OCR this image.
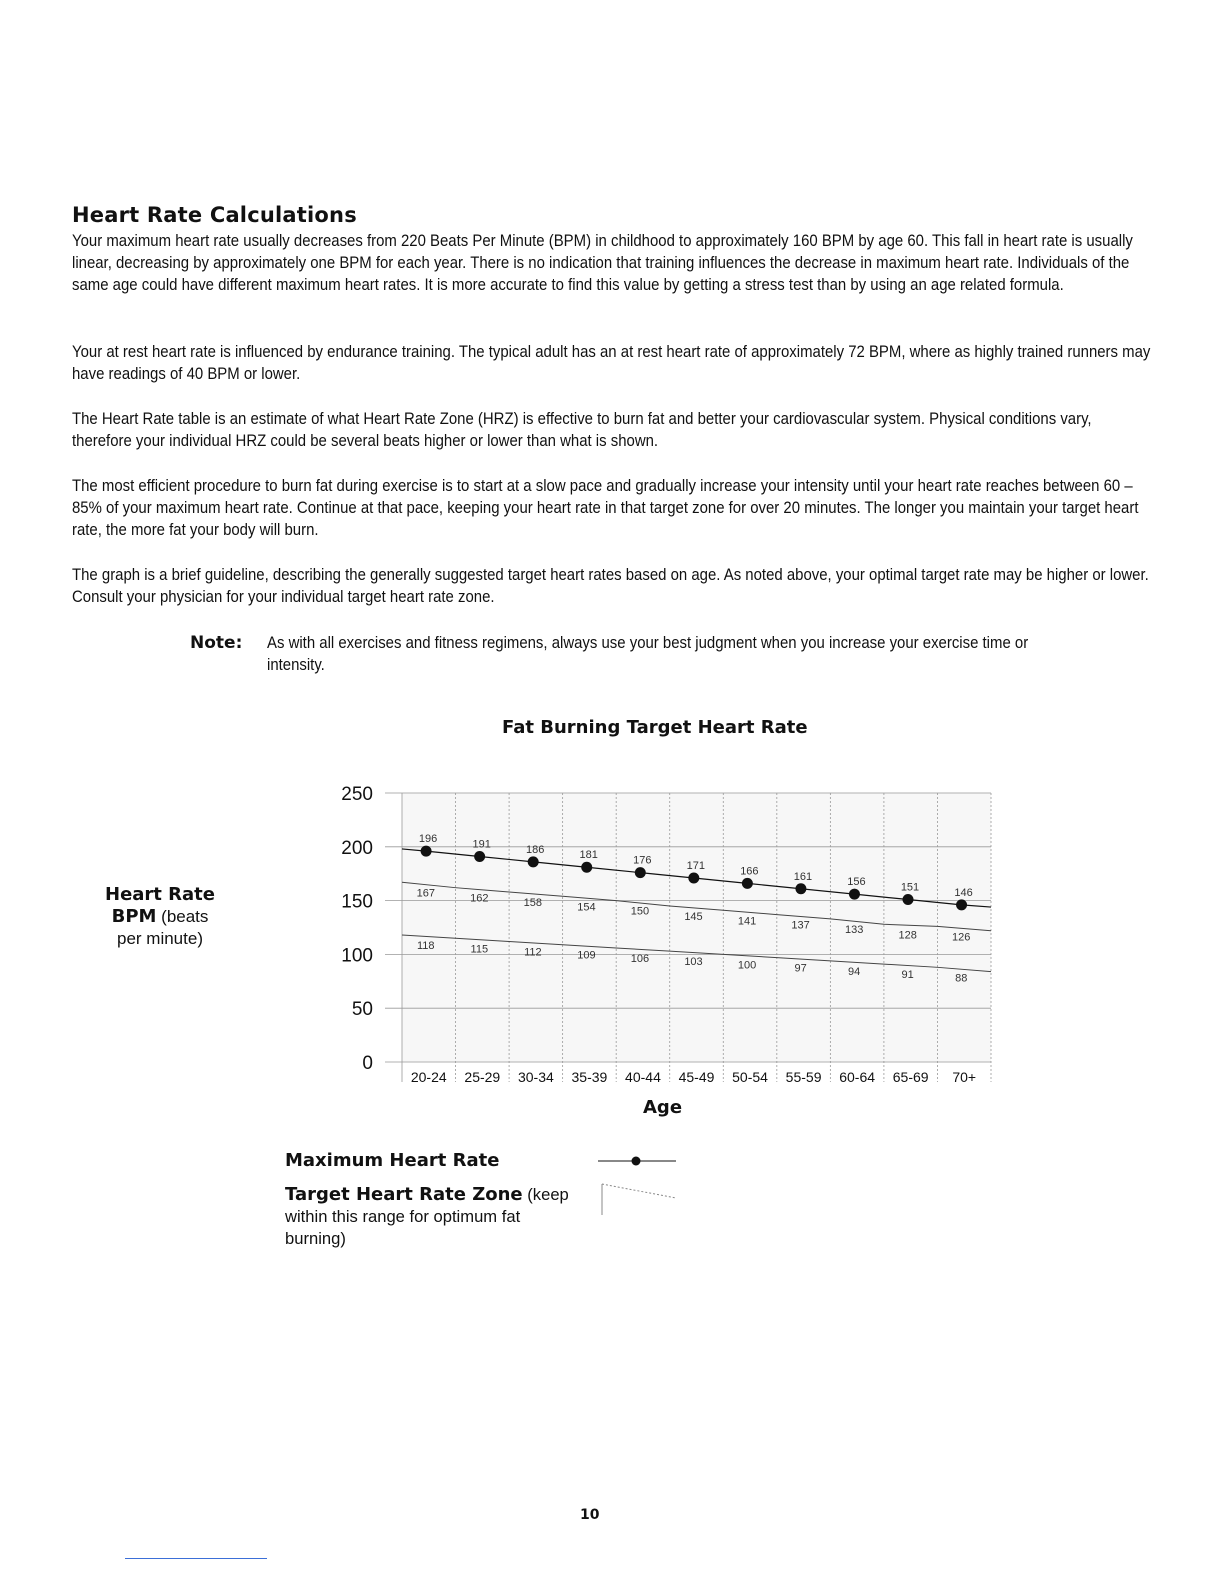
Heart Rate Calculations

Your maximum heart rate usually decreases from 220 Beats Per Minute (BPM) in childhood to approximately 160 BPM by age 60. This fall in heart rate is usually linear, decreasing by approximately one BPM for each year. There is no indication that training influences the decrease in maximum heart rate. Individuals of the same age could have different maximum heart rates. It is more accurate to find this value by getting a stress test than by using an age related formula.

Your at rest heart rate is influenced by endurance training. The typical adult has an at rest heart rate of approximately 72 BPM, where as highly trained runners may have readings of 40 BPM or lower.

The Heart Rate table is an estimate of what Heart Rate Zone (HRZ) is effective to burn fat and better your cardiovascular system. Physical conditions vary, therefore your individual HRZ could be several beats higher or lower than what is shown.

The most efficient procedure to burn fat during exercise is to start at a slow pace and gradually increase your intensity until your heart rate reaches between 60 – 85% of your maximum heart rate. Continue at that pace, keeping your heart rate in that target zone for over 20 minutes. The longer you maintain your target heart rate, the more fat your body will burn.

The graph is a brief guideline, describing the generally suggested target heart rates based on age. As noted above, your optimal target rate may be higher or lower. Consult your physician for your individual target heart rate zone.

Note:	As with all exercises and fitness regimens, always use your best judgment when you increase your exercise time or intensity.
Fat Burning Target Heart Rate
Heart Rate
BPM (beats
per minute)
0
50
100
150
200
250
20-24 25-29 30-34 35-39 40-44 45-49 50-54 55-59 60-64 65-69 70+
167	162	158	154	150	145	141	137	133	128	126
118	115	112	109	106	103	100	97	94	91	88
196	191	186	181	176	171	166	161	156	151	146
Age
Maximum Heart Rate
Target Heart Rate Zone (keep within this range for optimum fat burning)
10
